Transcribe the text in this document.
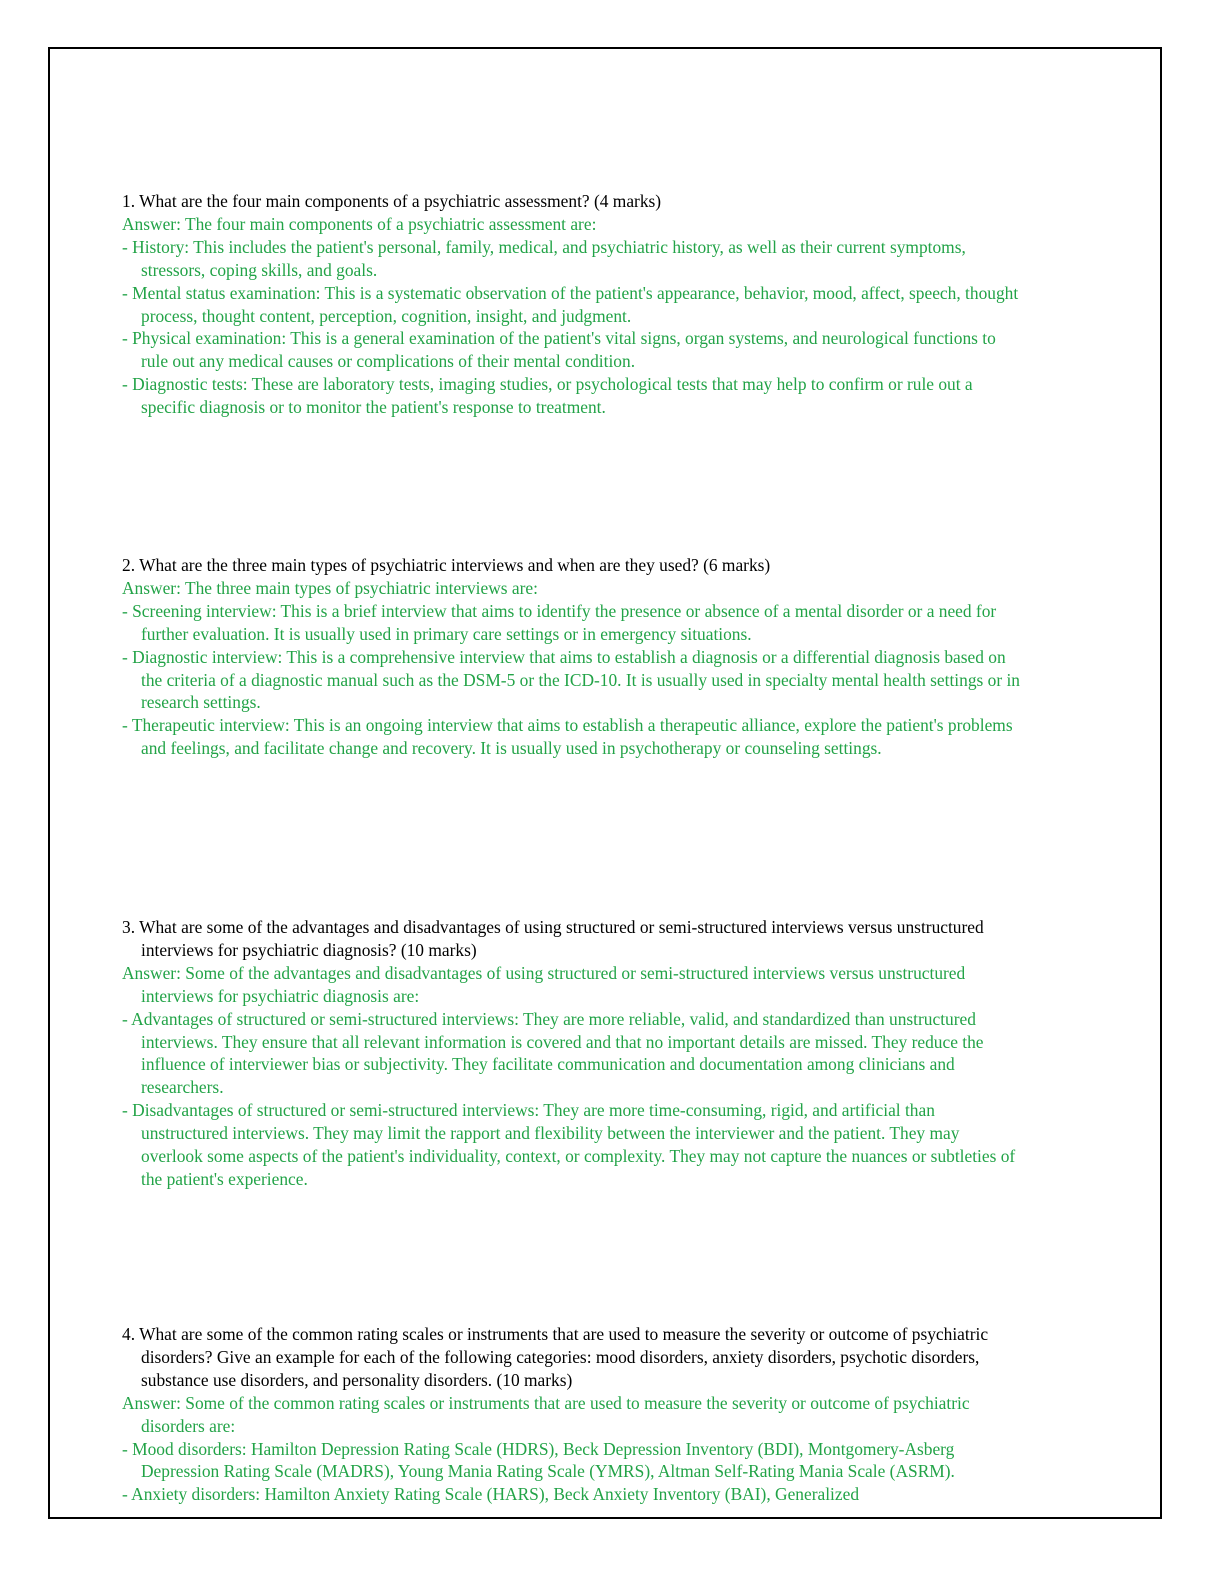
1. What are the four main components of a psychiatric assessment? (4 marks)

Answer: The four main components of a psychiatric assessment are:

- History: This includes the patient's personal, family, medical, and psychiatric history, as well as their current symptoms, stressors, coping skills, and goals.

- Mental status examination: This is a systematic observation of the patient's appearance, behavior, mood, affect, speech, thought process, thought content, perception, cognition, insight, and judgment.

- Physical examination: This is a general examination of the patient's vital signs, organ systems, and neurological functions to rule out any medical causes or complications of their mental condition.

- Diagnostic tests: These are laboratory tests, imaging studies, or psychological tests that may help to confirm or rule out a specific diagnosis or to monitor the patient's response to treatment.

2. What are the three main types of psychiatric interviews and when are they used? (6 marks)

Answer: The three main types of psychiatric interviews are:

- Screening interview: This is a brief interview that aims to identify the presence or absence of a mental disorder or a need for further evaluation. It is usually used in primary care settings or in emergency situations.

- Diagnostic interview: This is a comprehensive interview that aims to establish a diagnosis or a differential diagnosis based on the criteria of a diagnostic manual such as the DSM-5 or the ICD-10. It is usually used in specialty mental health settings or in research settings.

- Therapeutic interview: This is an ongoing interview that aims to establish a therapeutic alliance, explore the patient's problems and feelings, and facilitate change and recovery. It is usually used in psychotherapy or counseling settings.

3. What are some of the advantages and disadvantages of using structured or semi-structured interviews versus unstructured interviews for psychiatric diagnosis? (10 marks)

Answer: Some of the advantages and disadvantages of using structured or semi-structured interviews versus unstructured interviews for psychiatric diagnosis are:

- Advantages of structured or semi-structured interviews: They are more reliable, valid, and standardized than unstructured interviews. They ensure that all relevant information is covered and that no important details are missed. They reduce the influence of interviewer bias or subjectivity. They facilitate communication and documentation among clinicians and researchers.

- Disadvantages of structured or semi-structured interviews: They are more time-consuming, rigid, and artificial than unstructured interviews. They may limit the rapport and flexibility between the interviewer and the patient. They may overlook some aspects of the patient's individuality, context, or complexity. They may not capture the nuances or subtleties of the patient's experience.

4. What are some of the common rating scales or instruments that are used to measure the severity or outcome of psychiatric disorders? Give an example for each of the following categories: mood disorders, anxiety disorders, psychotic disorders, substance use disorders, and personality disorders. (10 marks)

Answer: Some of the common rating scales or instruments that are used to measure the severity or outcome of psychiatric disorders are:

- Mood disorders: Hamilton Depression Rating Scale (HDRS), Beck Depression Inventory (BDI), Montgomery-Asberg Depression Rating Scale (MADRS), Young Mania Rating Scale (YMRS), Altman Self-Rating Mania Scale (ASRM).

- Anxiety disorders: Hamilton Anxiety Rating Scale (HARS), Beck Anxiety Inventory (BAI), Generalized
